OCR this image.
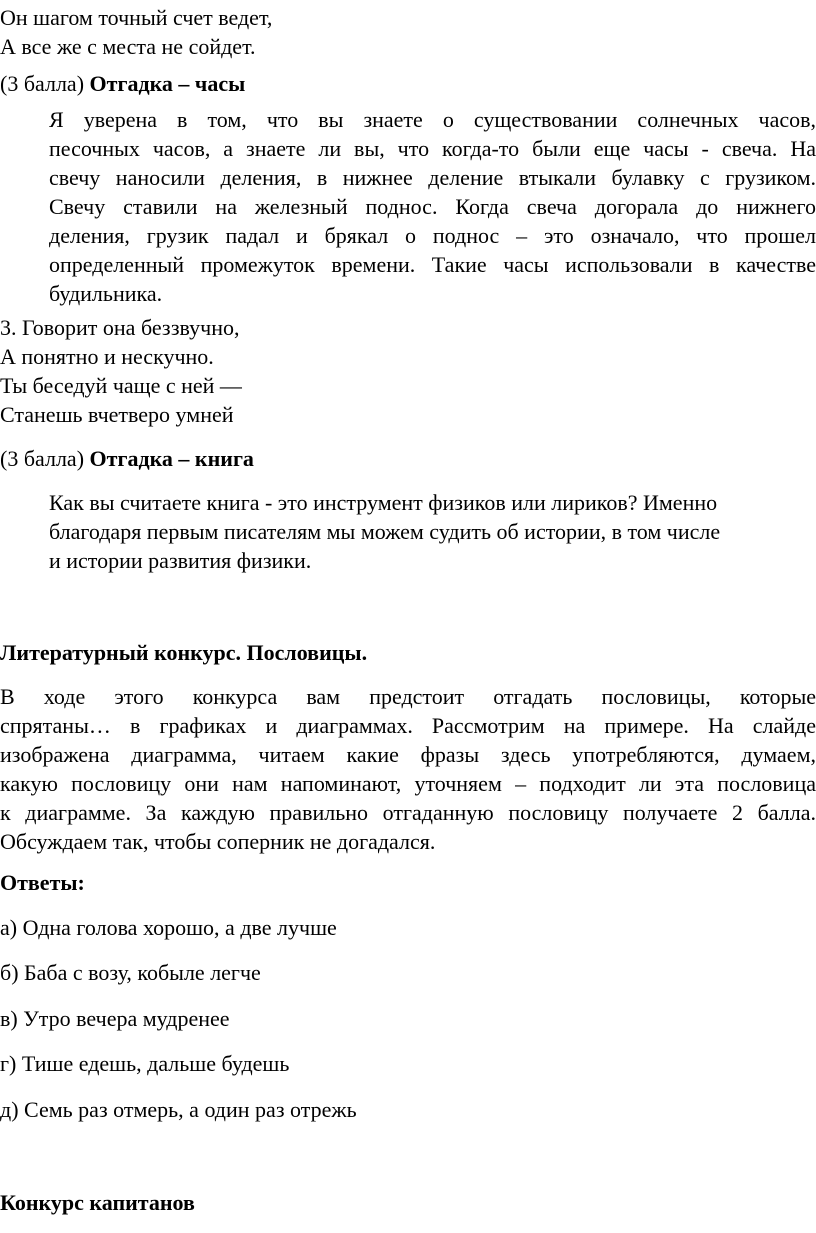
Он шагом точный счет ведет,
А все же с места не сойдет.
(3 балла) Отгадка – часы
Я уверена в том, что вы знаете о существовании солнечных часов,
песочных часов, а знаете ли вы, что когда-то были еще часы - свеча. На
свечу наносили деления, в нижнее деление втыкали булавку с грузиком.
Свечу ставили на железный поднос. Когда свеча догорала до нижнего
деления, грузик падал и брякал о поднос – это означало, что прошел
определенный промежуток времени. Такие часы использовали в качестве
будильника.
3. Говорит она беззвучно,
А понятно и нескучно.
Ты беседуй чаще с ней —
Станешь вчетверо умней
(3 балла) Отгадка – книга
Как вы считаете книга - это инструмент физиков или лириков? Именно
благодаря первым писателям мы можем судить об истории, в том числе
и истории развития физики.
Литературный конкурс. Пословицы.
В ходе этого конкурса вам предстоит отгадать пословицы, которые
спрятаны… в графиках и диаграммах. Рассмотрим на примере. На слайде
изображена диаграмма, читаем какие фразы здесь употребляются, думаем,
какую пословицу они нам напоминают, уточняем – подходит ли эта пословица
к диаграмме. За каждую правильно отгаданную пословицу получаете 2 балла.
Обсуждаем так, чтобы соперник не догадался.
Ответы:
а) Одна голова хорошо, а две лучше
б) Баба с возу, кобыле легче
в) Утро вечера мудренее
г) Тише едешь, дальше будешь
д) Семь раз отмерь, а один раз отрежь
Конкурс капитанов
